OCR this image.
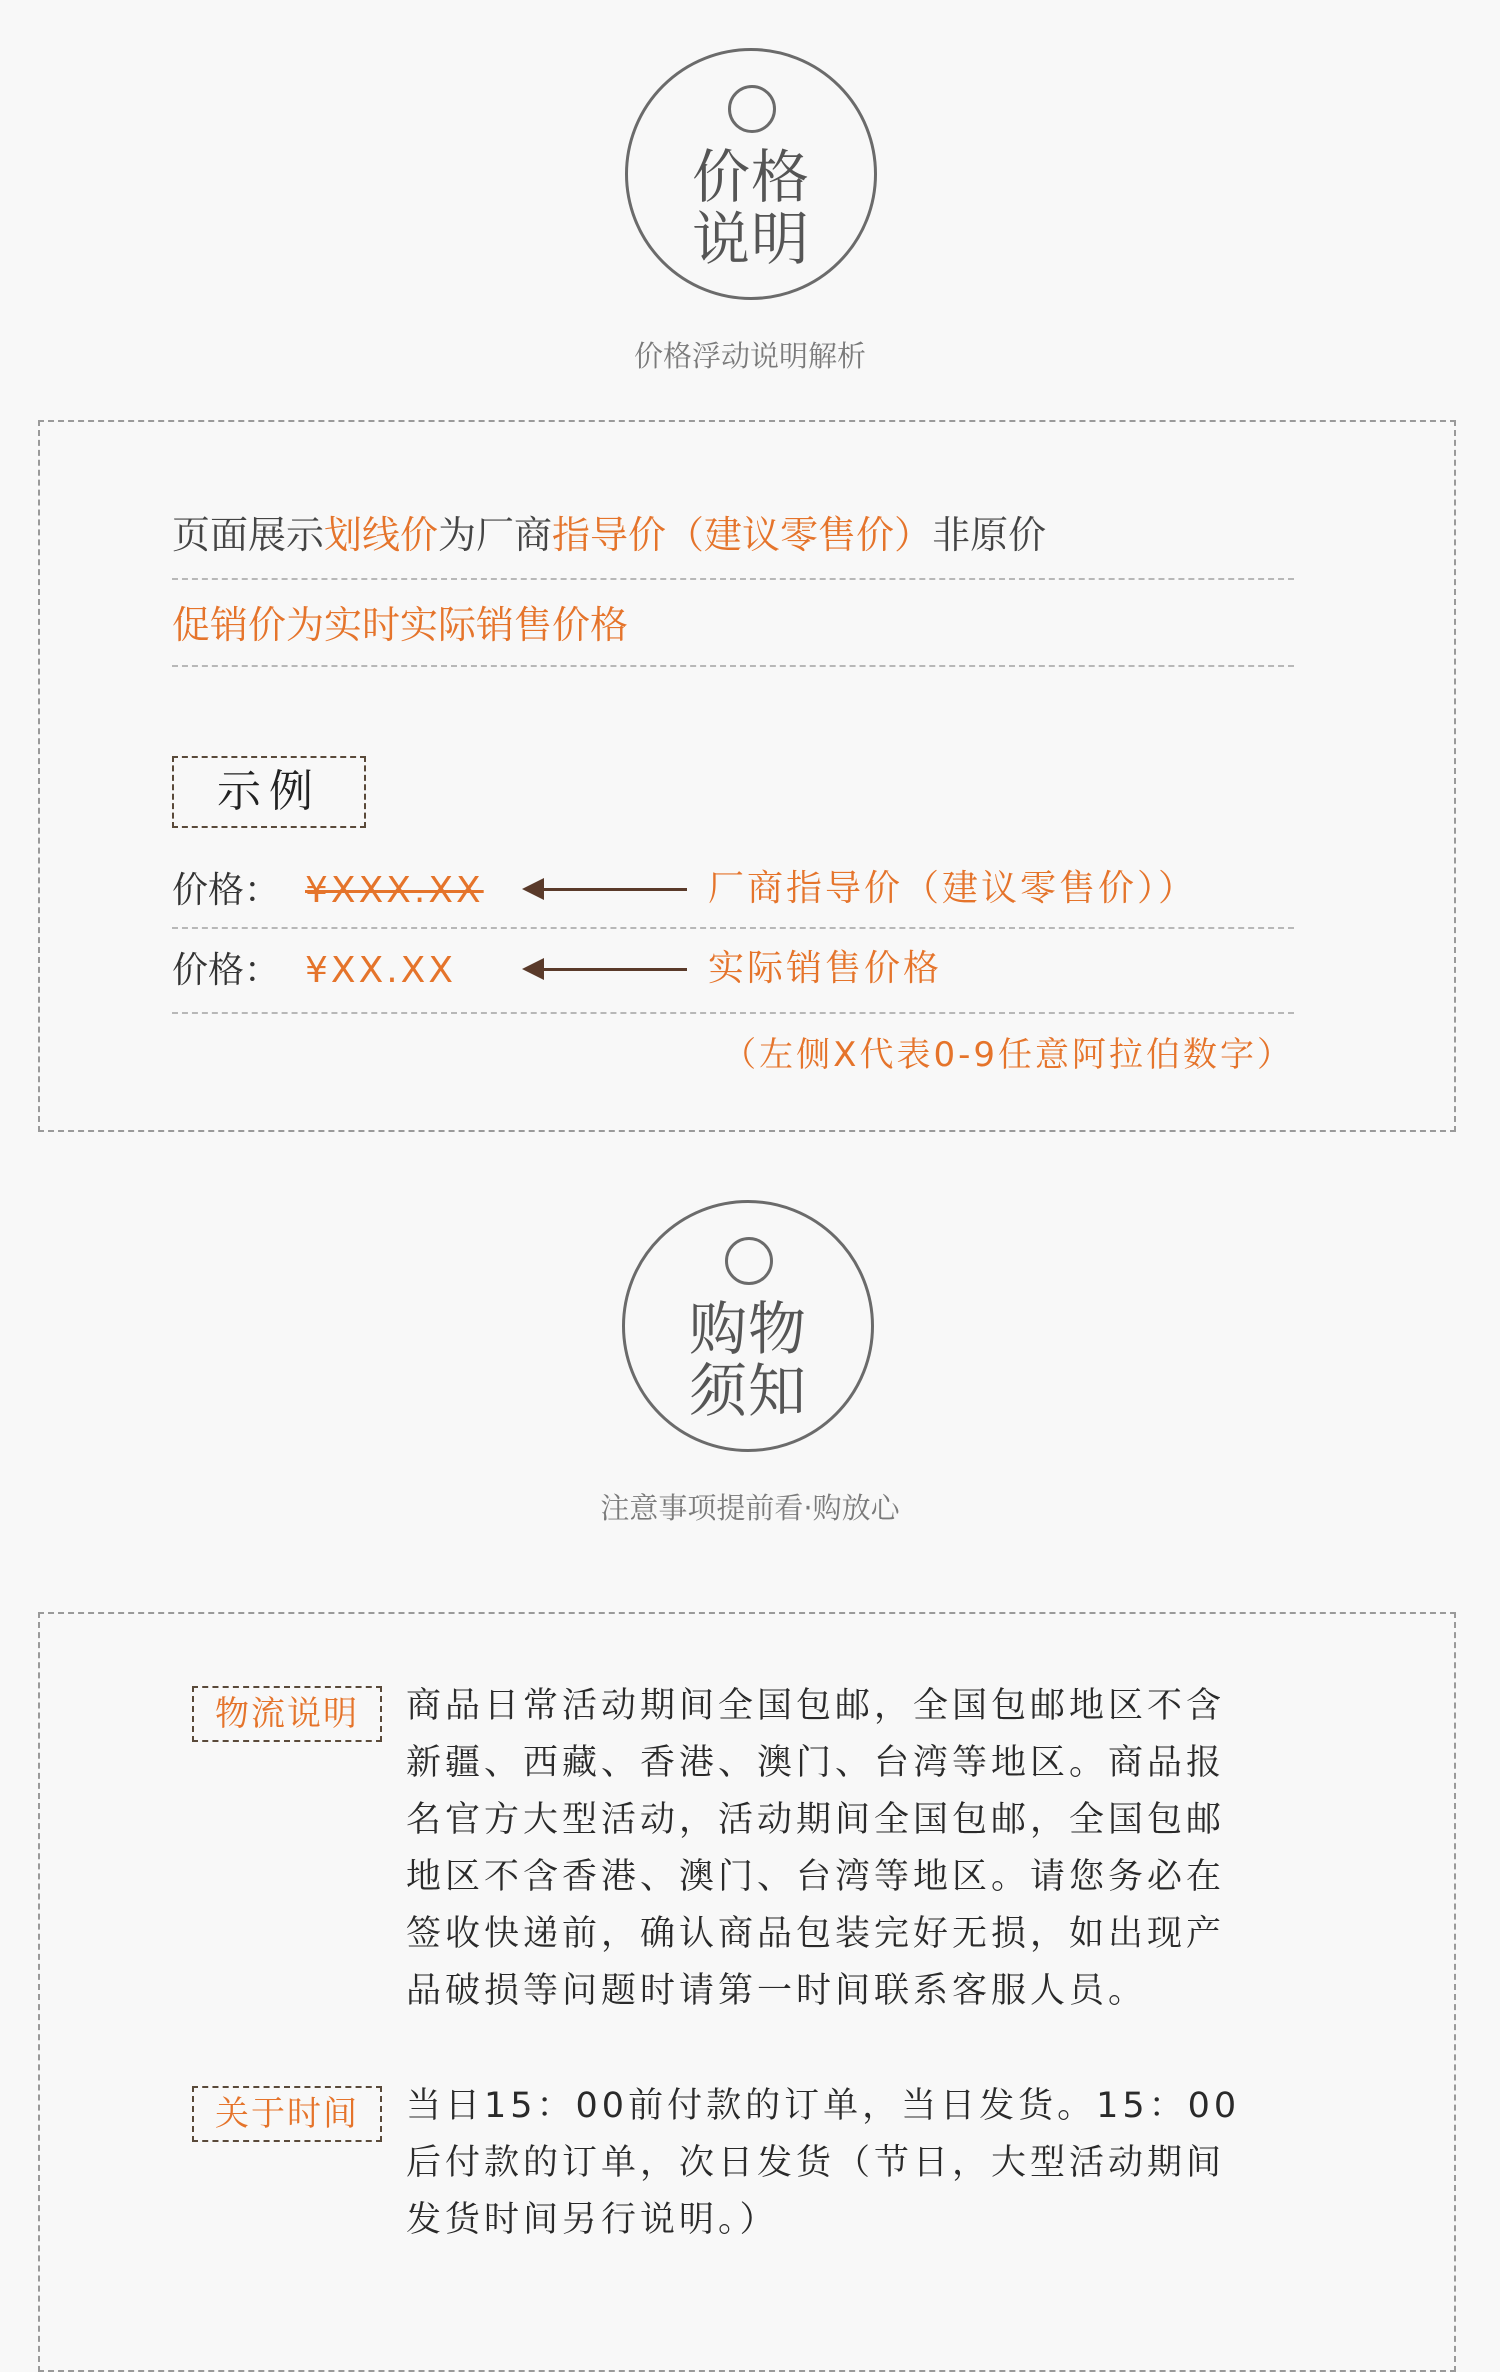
价格
说明
价格浮动说明解析
页面展示划线价为厂商指导价（建议零售价）非原价
促销价为实时实际销售价格
示例
价格： ¥XXX.XX	厂商指导价（建议零售价））
价格： ¥XX.XX	实际销售价格
（左侧X代表0-9任意阿拉伯数字）
购物
须知
注意事项提前看·购放心
物流说明	商品日常活动期间全国包邮，全国包邮地区不含
新疆、西藏、香港、澳门、台湾等地区。商品报
名官方大型活动，活动期间全国包邮，全国包邮
地区不含香港、澳门、台湾等地区。请您务必在
签收快递前，确认商品包装完好无损，如出现产
品破损等问题时请第一时间联系客服人员。
关于时间	当日15：00前付款的订单，当日发货。15：00
后付款的订单，次日发货（节日，大型活动期间
发货时间另行说明。）
